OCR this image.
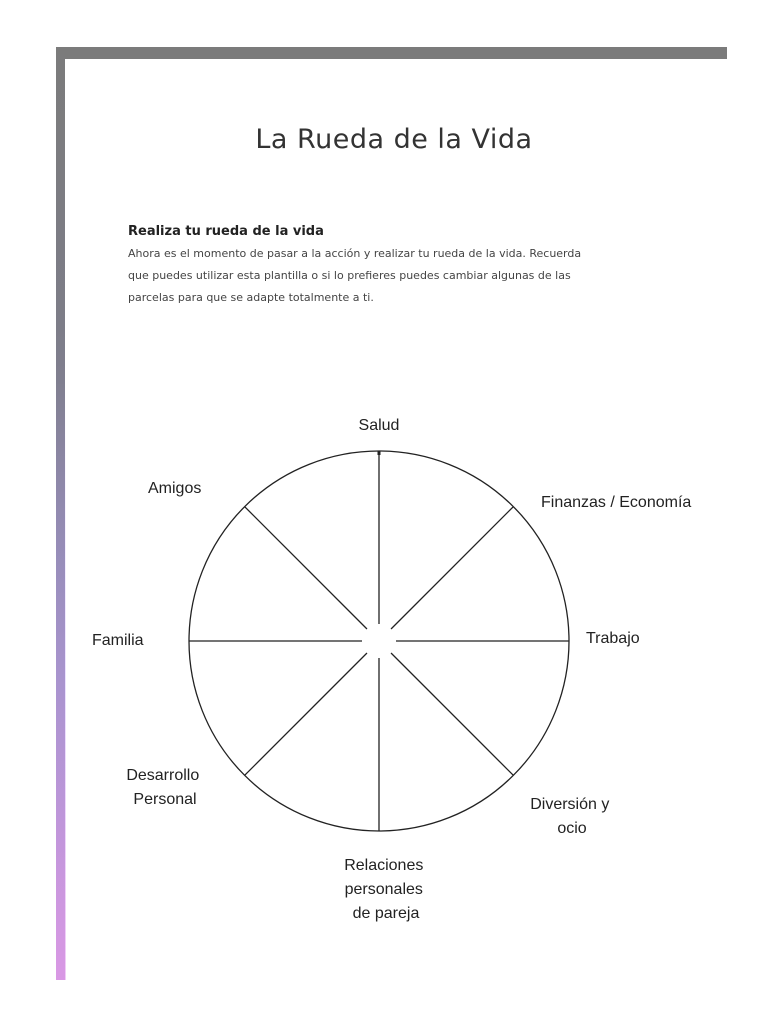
La Rueda de la Vida

Realiza tu rueda de la vida

Ahora es el momento de pasar a la acción y realizar tu rueda de la vida. Recuerda
que puedes utilizar esta plantilla o si lo prefieres puedes cambiar algunas de las
parcelas para que se adapte totalmente a ti.

Salud
Finanzas / Economía
Trabajo
Diversión y ocio
Relaciones personales de pareja
Desarrollo Personal
Familia
Amigos
